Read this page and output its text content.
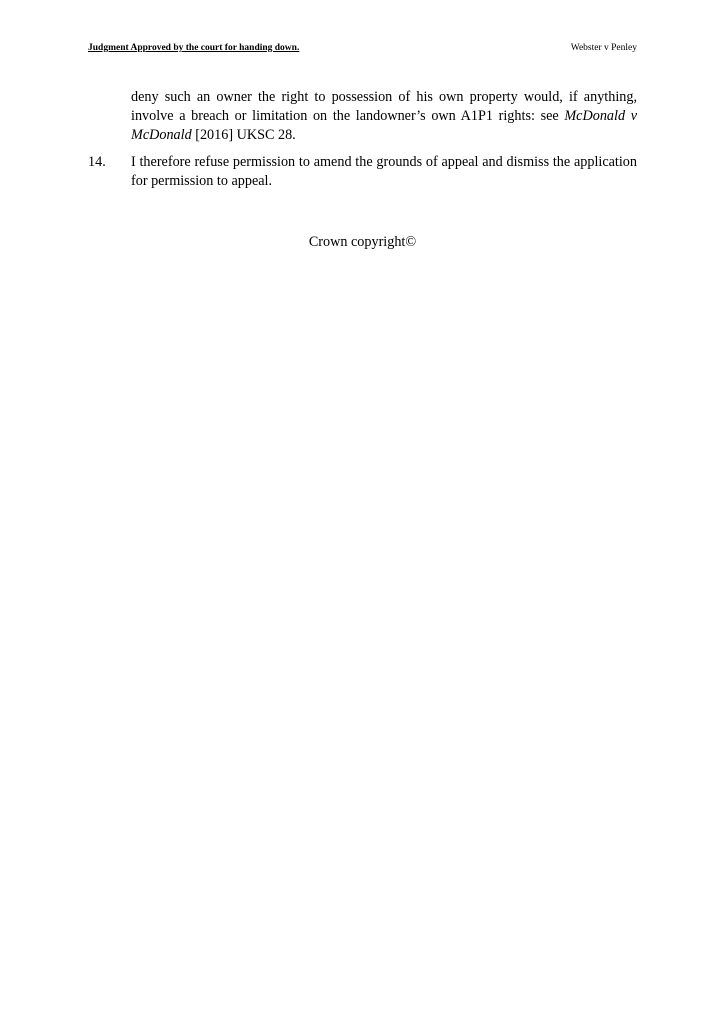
Judgment Approved by the court for handing down.	Webster v Penley
deny such an owner the right to possession of his own property would, if anything, involve a breach or limitation on the landowner’s own A1P1 rights: see McDonald v McDonald [2016] UKSC 28.
14. I therefore refuse permission to amend the grounds of appeal and dismiss the application for permission to appeal.
Crown copyright©
